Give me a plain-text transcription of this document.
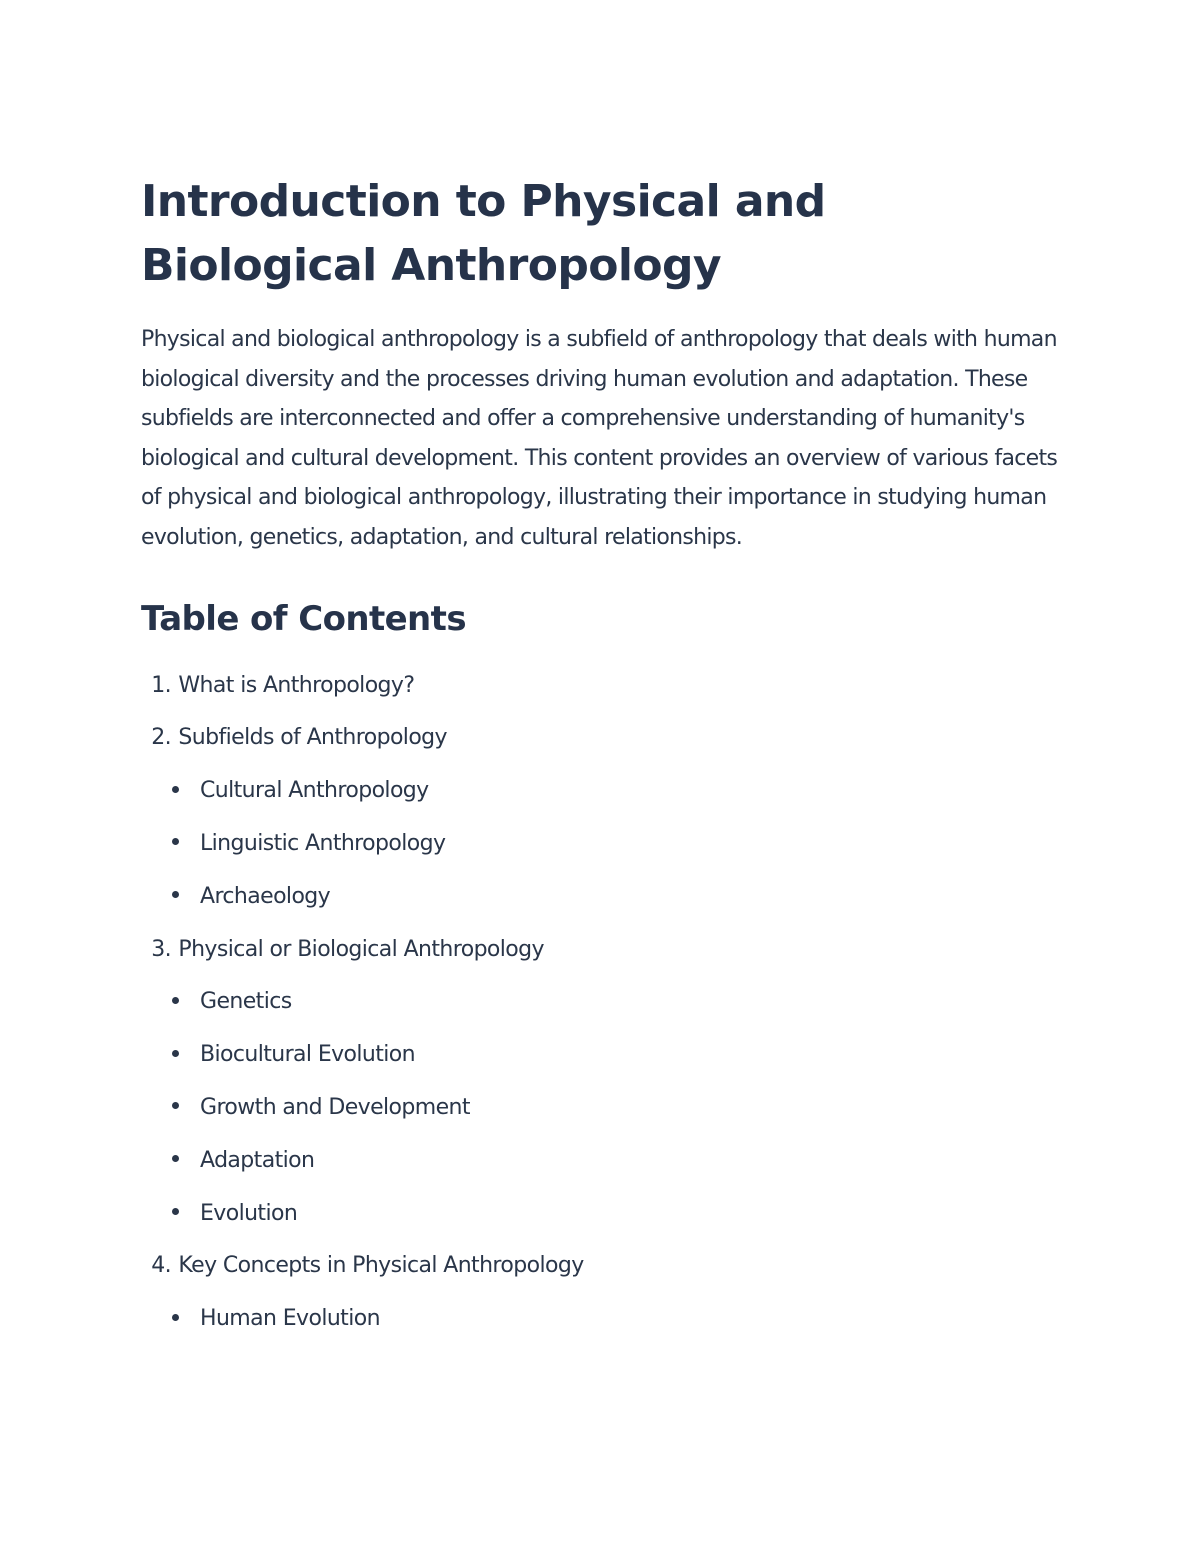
Introduction to Physical and Biological Anthropology

Physical and biological anthropology is a subfield of anthropology that deals with human biological diversity and the processes driving human evolution and adaptation. These subfields are interconnected and offer a comprehensive understanding of humanity's biological and cultural development. This content provides an overview of various facets of physical and biological anthropology, illustrating their importance in studying human evolution, genetics, adaptation, and cultural relationships.

Table of Contents
1. What is Anthropology?
2. Subfields of Anthropology
Cultural Anthropology
Linguistic Anthropology
Archaeology
3. Physical or Biological Anthropology
Genetics
Biocultural Evolution
Growth and Development
Adaptation
Evolution
4. Key Concepts in Physical Anthropology
Human Evolution
